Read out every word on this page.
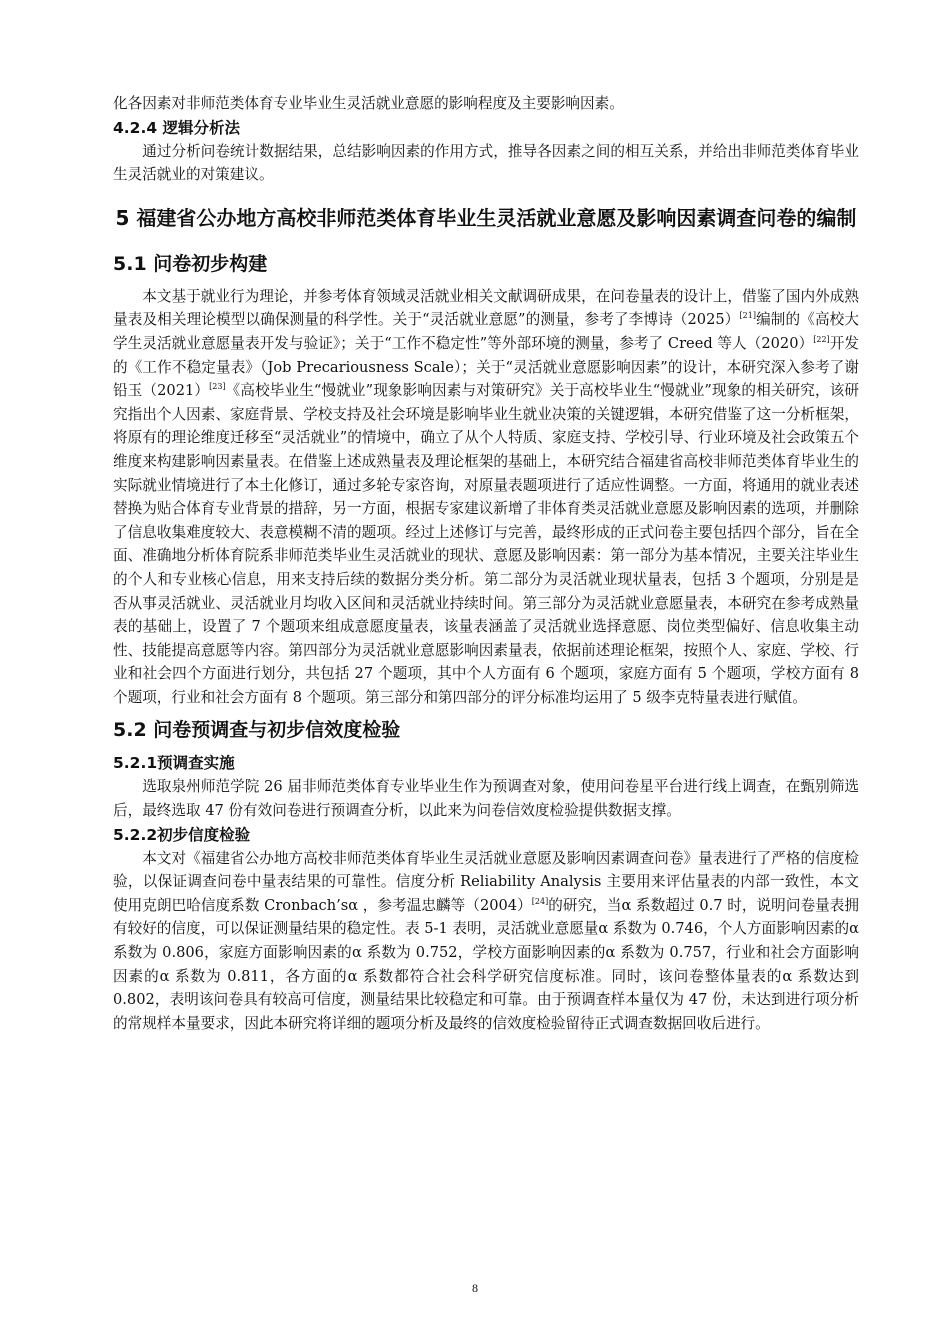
化各因素对非师范类体育专业毕业生灵活就业意愿的影响程度及主要影响因素。

4.2.4 逻辑分析法

通过分析问卷统计数据结果，总结影响因素的作用方式，推导各因素之间的相互关系，并给出非师范类体育毕业生灵活就业的对策建议。

5 福建省公办地方高校非师范类体育毕业生灵活就业意愿及影响因素调查问卷的编制
5.1 问卷初步构建

本文基于就业行为理论，并参考体育领域灵活就业相关文献调研成果，在问卷量表的设计上，借鉴了国内外成熟量表及相关理论模型以确保测量的科学性。关于“灵活就业意愿”的测量，参考了李博诗（2025）[21]编制的《高校大学生灵活就业意愿量表开发与验证》；关于“工作不稳定性”等外部环境的测量，参考了 Creed 等人（2020）[22]开发的《工作不稳定量表》（Job Precariousness Scale）；关于“灵活就业意愿影响因素”的设计，本研究深入参考了谢铅玉（2021）[23]《高校毕业生“慢就业”现象影响因素与对策研究》关于高校毕业生“慢就业”现象的相关研究，该研究指出个人因素、家庭背景、学校支持及社会环境是影响毕业生就业决策的关键逻辑，本研究借鉴了这一分析框架，将原有的理论维度迁移至“灵活就业”的情境中，确立了从个人特质、家庭支持、学校引导、行业环境及社会政策五个维度来构建影响因素量表。在借鉴上述成熟量表及理论框架的基础上，本研究结合福建省高校非师范类体育毕业生的实际就业情境进行了本土化修订，通过多轮专家咨询，对原量表题项进行了适应性调整。一方面，将通用的就业表述替换为贴合体育专业背景的措辞，另一方面，根据专家建议新增了非体育类灵活就业意愿及影响因素的选项，并删除了信息收集难度较大、表意模糊不清的题项。经过上述修订与完善，最终形成的正式问卷主要包括四个部分，旨在全面、准确地分析体育院系非师范类毕业生灵活就业的现状、意愿及影响因素：第一部分为基本情况，主要关注毕业生的个人和专业核心信息，用来支持后续的数据分类分析。第二部分为灵活就业现状量表，包括 3 个题项，分别是是否从事灵活就业、灵活就业月均收入区间和灵活就业持续时间。第三部分为灵活就业意愿量表，本研究在参考成熟量表的基础上，设置了 7 个题项来组成意愿度量表，该量表涵盖了灵活就业选择意愿、岗位类型偏好、信息收集主动性、技能提高意愿等内容。第四部分为灵活就业意愿影响因素量表，依据前述理论框架，按照个人、家庭、学校、行业和社会四个方面进行划分，共包括 27 个题项，其中个人方面有 6 个题项，家庭方面有 5 个题项，学校方面有 8 个题项，行业和社会方面有 8 个题项。第三部分和第四部分的评分标准均运用了 5 级李克特量表进行赋值。

5.2 问卷预调查与初步信效度检验
5.2.1预调查实施

选取泉州师范学院 26 届非师范类体育专业毕业生作为预调查对象，使用问卷星平台进行线上调查，在甄别筛选后，最终选取 47 份有效问卷进行预调查分析，以此来为问卷信效度检验提供数据支撑。

5.2.2初步信度检验

本文对《福建省公办地方高校非师范类体育毕业生灵活就业意愿及影响因素调查问卷》量表进行了严格的信度检验，以保证调查问卷中量表结果的可靠性。信度分析 Reliability Analysis 主要用来评估量表的内部一致性，本文使用克朗巴哈信度系数 Cronbach’sα ，参考温忠麟等（2004）[24]的研究，当α 系数超过 0.7 时，说明问卷量表拥有较好的信度，可以保证测量结果的稳定性。表 5-1 表明，灵活就业意愿量α 系数为 0.746，个人方面影响因素的α 系数为 0.806，家庭方面影响因素的α 系数为 0.752，学校方面影响因素的α 系数为 0.757，行业和社会方面影响因素的α 系数为 0.811，各方面的α 系数都符合社会科学研究信度标准。同时，该问卷整体量表的α 系数达到 0.802，表明该问卷具有较高可信度，测量结果比较稳定和可靠。由于预调查样本量仅为 47 份，未达到进行项分析的常规样本量要求，因此本研究将详细的题项分析及最终的信效度检验留待正式调查数据回收后进行。

8
